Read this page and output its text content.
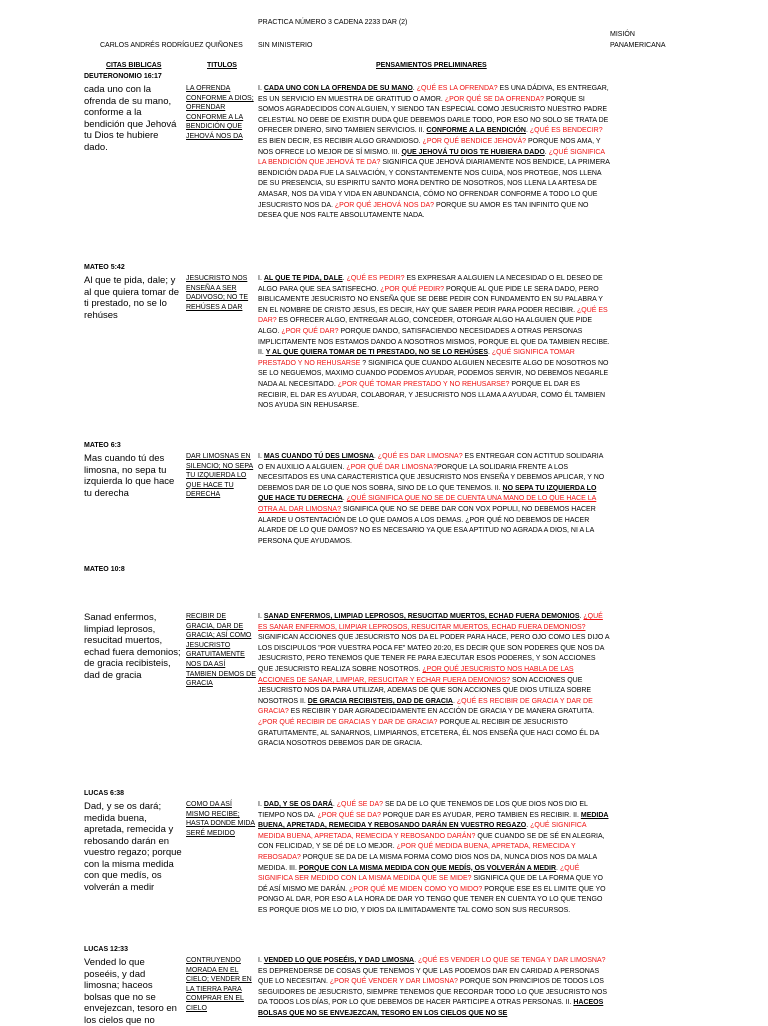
PRACTICA NÚMERO 3 CADENA 2233 DAR (2)
MISIÓN
CARLOS ANDRÉS RODRÍGUEZ QUIÑONES SIN MINISTERIO	PANAMERICANA
CITAS BIBLICAS	TITULOS	PENSAMIENTOS PRELIMINARES
DEUTERONOMIO 16:17
cada uno con la ofrenda de su mano, conforme a la bendición que Jehová tu Dios te hubiere dado.
LA OFRENDA CONFORME A DIOS; OFRENDAR CONFORME A LA BENDICIÓN QUE JEHOVÁ NOS DA
I. CADA UNO CON LA OFRENDA DE SU MANO. ¿QUÉ ES LA OFRENDA? ES UNA DÁDIVA, ES ENTREGAR, ES UN SERVICIO EN MUESTRA DE GRATITUD O AMOR. ¿POR QUÉ SE DA OFRENDA? PORQUE SI SOMOS AGRADECIDOS CON ALGUIEN, Y SIENDO TAN ESPECIAL COMO JESUCRISTO NUESTRO PADRE CELESTIAL NO DEBE DE EXISTIR DUDA QUE DEBEMOS DARLE TODO, POR ESO NO SOLO SE TRATA DE OFRECER DINERO, SINO TAMBIEN SERVICIOS. II. CONFORME A LA BENDICIÓN. ¿QUÉ ES BENDECIR? ES BIEN DECIR, ES RECIBIR ALGO GRANDIOSO. ¿POR QUÉ BENDICE JEHOVÁ? PORQUE NOS AMA, Y NOS OFRECE LO MEJOR DE SÍ MISMO. III. QUE JEHOVÁ TU DIOS TE HUBIERA DADO. ¿QUÉ SIGNIFICA LA BENDICIÓN QUE JEHOVÁ TE DA? SIGNIFICA QUE JEHOVÁ DIARIAMENTE NOS BENDICE, LA PRIMERA BENDICIÓN DADA FUE LA SALVACIÓN, Y CONSTANTEMENTE NOS CUIDA, NOS PROTEGE, NOS LLENA DE SU PRESENCIA, SU ESPIRITU SANTO MORA DENTRO DE NOSOTROS, NOS LLENA LA ARTESA DE AMASAR, NOS DA VIDA Y VIDA EN ABUNDANCIA, CÓMO NO OFRENDAR CONFORME A TODO LO QUE JESUCRISTO NOS DA. ¿POR QUÉ JEHOVÁ NOS DA? PORQUE SU AMOR ES TAN INFINITO QUE NO DESEA QUE NOS FALTE ABSOLUTAMENTE NADA.
MATEO 5:42
Al que te pida, dale; y al que quiera tomar de ti prestado, no se lo rehúses
JESUCRISTO NOS ENSEÑA A SER DADIVOSO; NO TE REHÚSES A DAR
I. AL QUE TE PIDA, DALE. ¿QUÉ ES PEDIR? ES EXPRESAR A ALGUIEN LA NECESIDAD O EL DESEO DE ALGO PARA QUE SEA SATISFECHO. ¿POR QUÉ PEDIR? PORQUE AL QUE PIDE LE SERA DADO, PERO BIBLICAMENTE JESUCRISTO NO ENSEÑA QUE SE DEBE PEDIR CON FUNDAMENTO EN SU PALABRA Y EN EL NOMBRE DE CRISTO JESUS, ES DECIR, HAY QUE SABER PEDIR PARA PODER RECIBIR. ¿QUÉ ES DAR? ES OFRECER ALGO, ENTREGAR ALGO, CONCEDER, OTORGAR ALGO HA ALGUIEN QUE PIDE ALGO. ¿POR QUÉ DAR? PORQUE DANDO, SATISFACIENDO NECESIDADES A OTRAS PERSONAS IMPLICITAMENTE NOS ESTAMOS DANDO A NOSOTROS MISMOS, PORQUE EL QUE DA TAMBIEN RECIBE. II. Y AL QUE QUIERA TOMAR DE TI PRESTADO, NO SE LO REHÚSES. ¿QUÉ SIGNIFICA TOMAR PRESTADO Y NO REHUSARSE ? SIGNIFICA QUE CUANDO ALGUIEN NECESITE ALGO DE NOSOTROS NO SE LO NEGUEMOS, MAXIMO CUANDO PODEMOS AYUDAR, PODEMOS SERVIR, NO DEBEMOS NEGARLE NADA AL NECESITADO. ¿POR QUÉ TOMAR PRESTADO Y NO REHUSARSE? PORQUE EL DAR ES RECIBIR, EL DAR ES AYUDAR, COLABORAR, Y JESUCRISTO NOS LLAMA A AYUDAR, COMO ÉL TAMBIEN NOS AYUDA SIN REHUSARSE.
MATEO 6:3
Mas cuando tú des limosna, no sepa tu izquierda lo que hace tu derecha
DAR LIMOSNAS EN SILENCIO; NO SEPA TU IZQUIERDA LO QUE HACE TU DERECHA
I. MAS CUANDO TÚ DES LIMOSNA. ¿QUÉ ES DAR LIMOSNA? ES ENTREGAR CON ACTITUD SOLIDARIA O EN AUXILIO A ALGUIEN. ¿POR QUÉ DAR LIMOSNA?PORQUE LA SOLIDARIA FRENTE A LOS NECESITADOS ES UNA CARACTERISTICA QUE JESUCRISTO NOS ENSEÑA Y DEBEMOS APLICAR, Y NO DEBEMOS DAR DE LO QUE NOS SOBRA, SINO DE LO QUE TENEMOS. II. NO SEPA TU IZQUIERDA LO QUE HACE TU DERECHA. ¿QUÉ SIGNIFICA QUE NO SE DE CUENTA UNA MANO DE LO QUE HACE LA OTRA AL DAR LIMOSNA? SIGNIFICA QUE NO SE DEBE DAR CON VOX POPULI, NO DEBEMOS HACER ALARDE U OSTENTACIÓN DE LO QUE DAMOS A LOS DEMAS. ¿POR QUÉ NO DEBEMOS DE HACER ALARDE DE LO QUE DAMOS? NO ES NECESARIO YA QUE ESA APTITUD NO AGRADA A DIOS, NI A LA PERSONA QUE AYUDAMOS.
MATEO 10:8
Sanad enfermos, limpiad leprosos, resucitad muertos, echad fuera demonios; de gracia recibisteis, dad de gracia
RECIBIR DE GRACIA, DAR DE GRACIA; ASÍ COMO JESUCRISTO GRATUITAMENTE NOS DA ASÍ TAMBIEN DEMOS DE GRACIA
I. SANAD ENFERMOS, LIMPIAD LEPROSOS, RESUCITAD MUERTOS, ECHAD FUERA DEMONIOS. ¿QUÉ ES SANAR ENFERMOS, LIMPIAR LEPROSOS, RESUCITAR MUERTOS, ECHAD FUERA DEMONIOS? SIGNIFICAN ACCIONES QUE JESUCRISTO NOS DA EL PODER PARA HACE, PERO OJO COMO LES DIJO A LOS DISCIPULOS "POR VUESTRA POCA FE" MATEO 20:20, ES DECIR QUE SON PODERES QUE NOS DA JESUCRISTO, PERO TENEMOS QUE TENER FE PARA EJECUTAR ESOS PODERES, Y SON ACCIONES QUE JESUCRISTO REALIZA SOBRE NOSOTROS. ¿POR QUÉ JESUCRISTO NOS HABLA DE LAS ACCIONES DE SANAR, LIMPIAR, RESUCITAR Y ECHAR FUERA DEMONIOS? SON ACCIONES QUE JESUCRISTO NOS DA PARA UTILIZAR, ADEMAS DE QUE SON ACCIONES QUE DIOS UTILIZA SOBRE NOSOTROS II. DE GRACIA RECIBISTEIS, DAD DE GRACIA. ¿QUÉ ES RECIBIR DE GRACIA Y DAR DE GRACIA? ES RECIBIR Y DAR AGRADECIDAMENTE EN ACCIÓN DE GRACIA Y DE MANERA GRATUITA. ¿POR QUÉ RECIBIR DE GRACIAS Y DAR DE GRACIA? PORQUE AL RECIBIR DE JESUCRISTO GRATUITAMENTE, AL SANARNOS, LIMPIARNOS, ETCETERA, ÉL NOS ENSEÑA QUE HACI COMO ÉL DA GRACIA NOSOTROS DEBEMOS DAR DE GRACIA.
LUCAS 6:38
Dad, y se os dará; medida buena, apretada, remecida y rebosando darán en vuestro regazo; porque con la misma medida con que medís, os volverán a medir
COMO DA ASÍ MISMO RECIBE; HASTA DONDE MIDA SERÉ MEDIDO
I. DAD, Y SE OS DARÁ. ¿QUÉ SE DA? SE DA DE LO QUE TENEMOS DE LOS QUE DIOS NOS DIO EL TIEMPO NOS DA. ¿POR QUÉ SE DA? PORQUE DAR ES AYUDAR, PERO TAMBIEN ES RECIBIR. II. MEDIDA BUENA, APRETADA, REMECIDA Y REBOSANDO DARÁN EN VUESTRO REGAZO. ¿QUÉ SIGNIFICA MEDIDA BUENA, APRETADA, REMECIDA Y REBOSANDO DARÁN? QUE CUANDO SE DE SÉ EN ALEGRIA, CON FELICIDAD, Y SE DÉ DE LO MEJOR. ¿POR QUÉ MEDIDA BUENA, APRETADA, REMECIDA Y REBOSADA? PORQUE SE DA DE LA MISMA FORMA COMO DIOS NOS DA, NUNCA DIOS NOS DA MALA MEDIDA. III. PORQUE CON LA MISMA MEDIDA CON QUE MEDÍS, OS VOLVERÁN A MEDIR. ¿QUÉ SIGNIFICA SER MEDIDO CON LA MISMA MEDIDA QUE SE MIDE? SIGNIFICA QUE DE LA FORMA QUE YO DÉ ASÍ MISMO ME DARÁN. ¿POR QUÉ ME MIDEN COMO YO MIDO? PORQUE ESE ES EL LIMITE QUE YO PONGO AL DAR, POR ESO A LA HORA DE DAR YO TENGO QUE TENER EN CUENTA YO LO QUE TENGO ES PORQUE DIOS ME LO DIO, Y DIOS DA ILIMITADAMENTE TAL COMO SON SUS RECURSOS.
LUCAS 12:33
Vended lo que poseéis, y dad limosna; haceos bolsas que no se envejezcan, tesoro en los cielos que no
CONTRUYENDO MORADA EN EL CIELO; VENDER EN LA TIERRA PARA COMPRAR EN EL CIELO
I. VENDED LO QUE POSEÉIS, Y DAD LIMOSNA. ¿QUÉ ES VENDER LO QUE SE TENGA Y DAR LIMOSNA? ES DEPRENDERSE DE COSAS QUE TENEMOS Y QUE LAS PODEMOS DAR EN CARIDAD A PERSONAS QUE LO NECESITAN. ¿POR QUÉ VENDER Y DAR LIMOSNA? PORQUE SON PRINCIPIOS DE TODOS LOS SEGUIDORES DE JESUCRISTO, SIEMPRE TENEMOS QUE RECORDAR TODO LO QUE JESUCRISTO NOS DA TODOS LOS DÍAS, POR LO QUE DEBEMOS DE HACER PARTICIPE A OTRAS PERSONAS. II. HACEOS BOLSAS QUE NO SE ENVEJEZCAN, TESORO EN LOS CIELOS QUE NO SE
